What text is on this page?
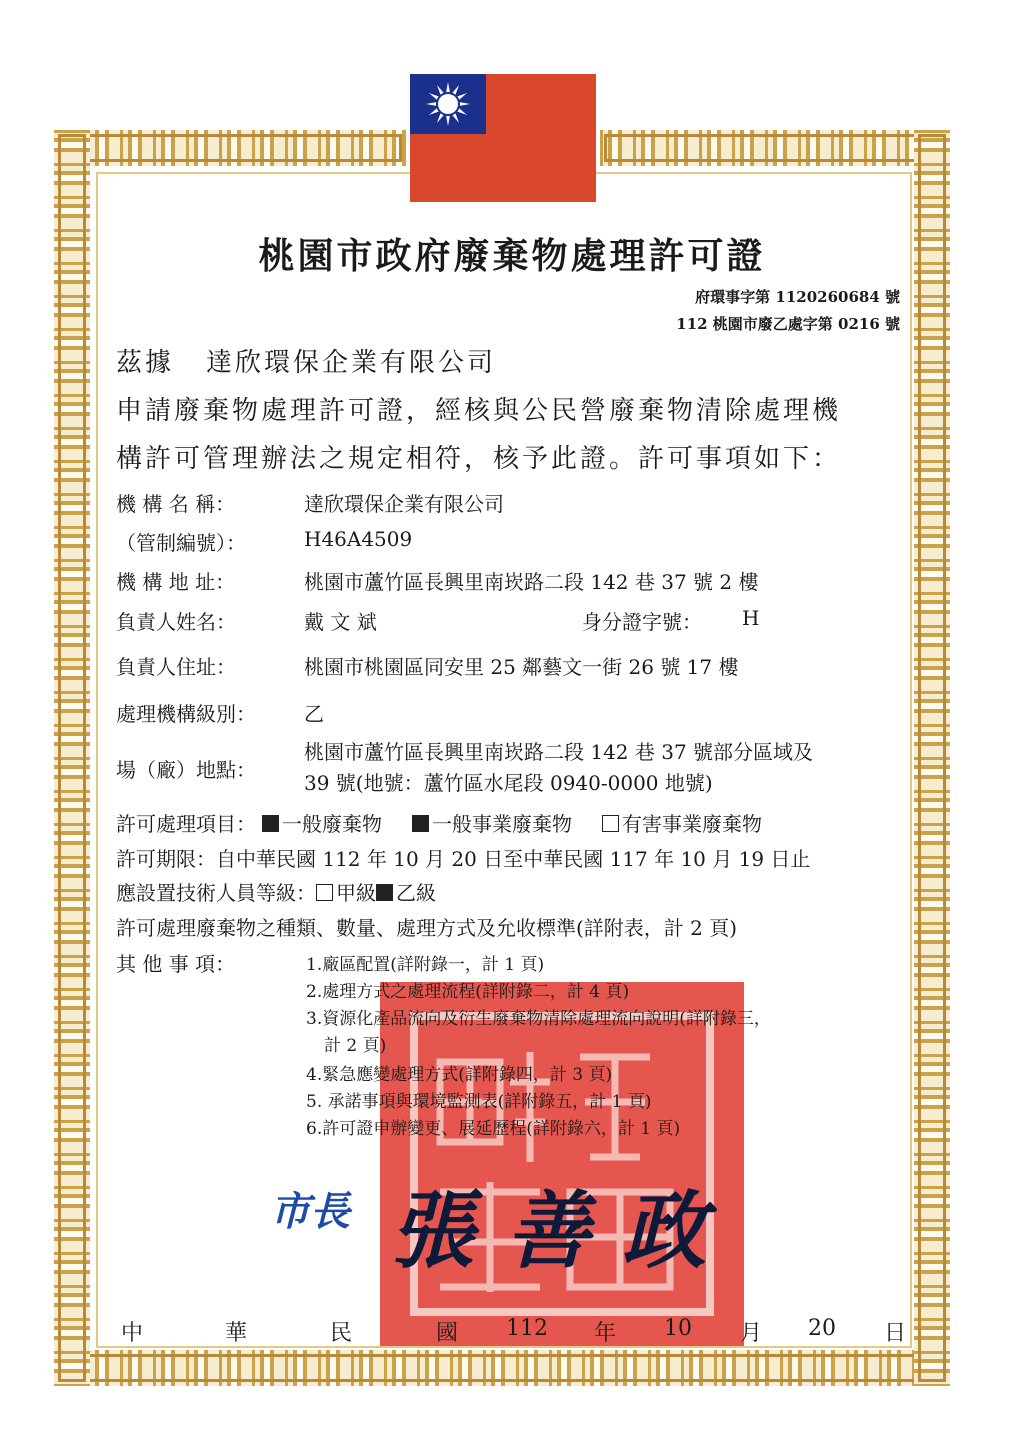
桃園市政府廢棄物處理許可證
府環事字第 1120260684 號
112 桃園市廢乙處字第 0216 號
茲據 達欣環保企業有限公司
申請廢棄物處理許可證，經核與公民營廢棄物清除處理機
構許可管理辦法之規定相符，核予此證。許可事項如下：
機 構 名 稱：	達欣環保企業有限公司
（管制編號）：	H46A4509
機 構 地 址：	桃園市蘆竹區長興里南崁路二段 142 巷 37 號 2 樓
負責人姓名：	戴 文 斌	身分證字號： H
負責人住址：	桃園市桃園區同安里 25 鄰藝文一街 26 號 17 樓
處理機構級別： 乙
場（廠）地點：
桃園市蘆竹區長興里南崁路二段 142 巷 37 號部分區域及
39 號(地號：蘆竹區水尾段 0940-0000 地號)
許可處理項目： 一般廢棄物	一般事業廢棄物	有害事業廢棄物
許可期限：自中華民國 112 年 10 月 20 日至中華民國 117 年 10 月 19 日止
應設置技術人員等級： 甲級 乙級
許可處理廢棄物之種類、數量、處理方式及允收標準(詳附表，計 2 頁)
其 他 事 項：	1.廠區配置(詳附錄一，計 1 頁)
2.處理方式之處理流程(詳附錄二，計 4 頁)
3.資源化產品流向及衍生廢棄物清除處理流向說明(詳附錄三，
計 2 頁)
4.緊急應變處理方式(詳附錄四，計 3 頁)
5. 承諾事項與環境監測表(詳附錄五，計 1 頁)
6.許可證申辦變更、展延歷程(詳附錄六，計 1 頁)
市長 張善政
中	華	民	國 112 年 10 月 20 日
